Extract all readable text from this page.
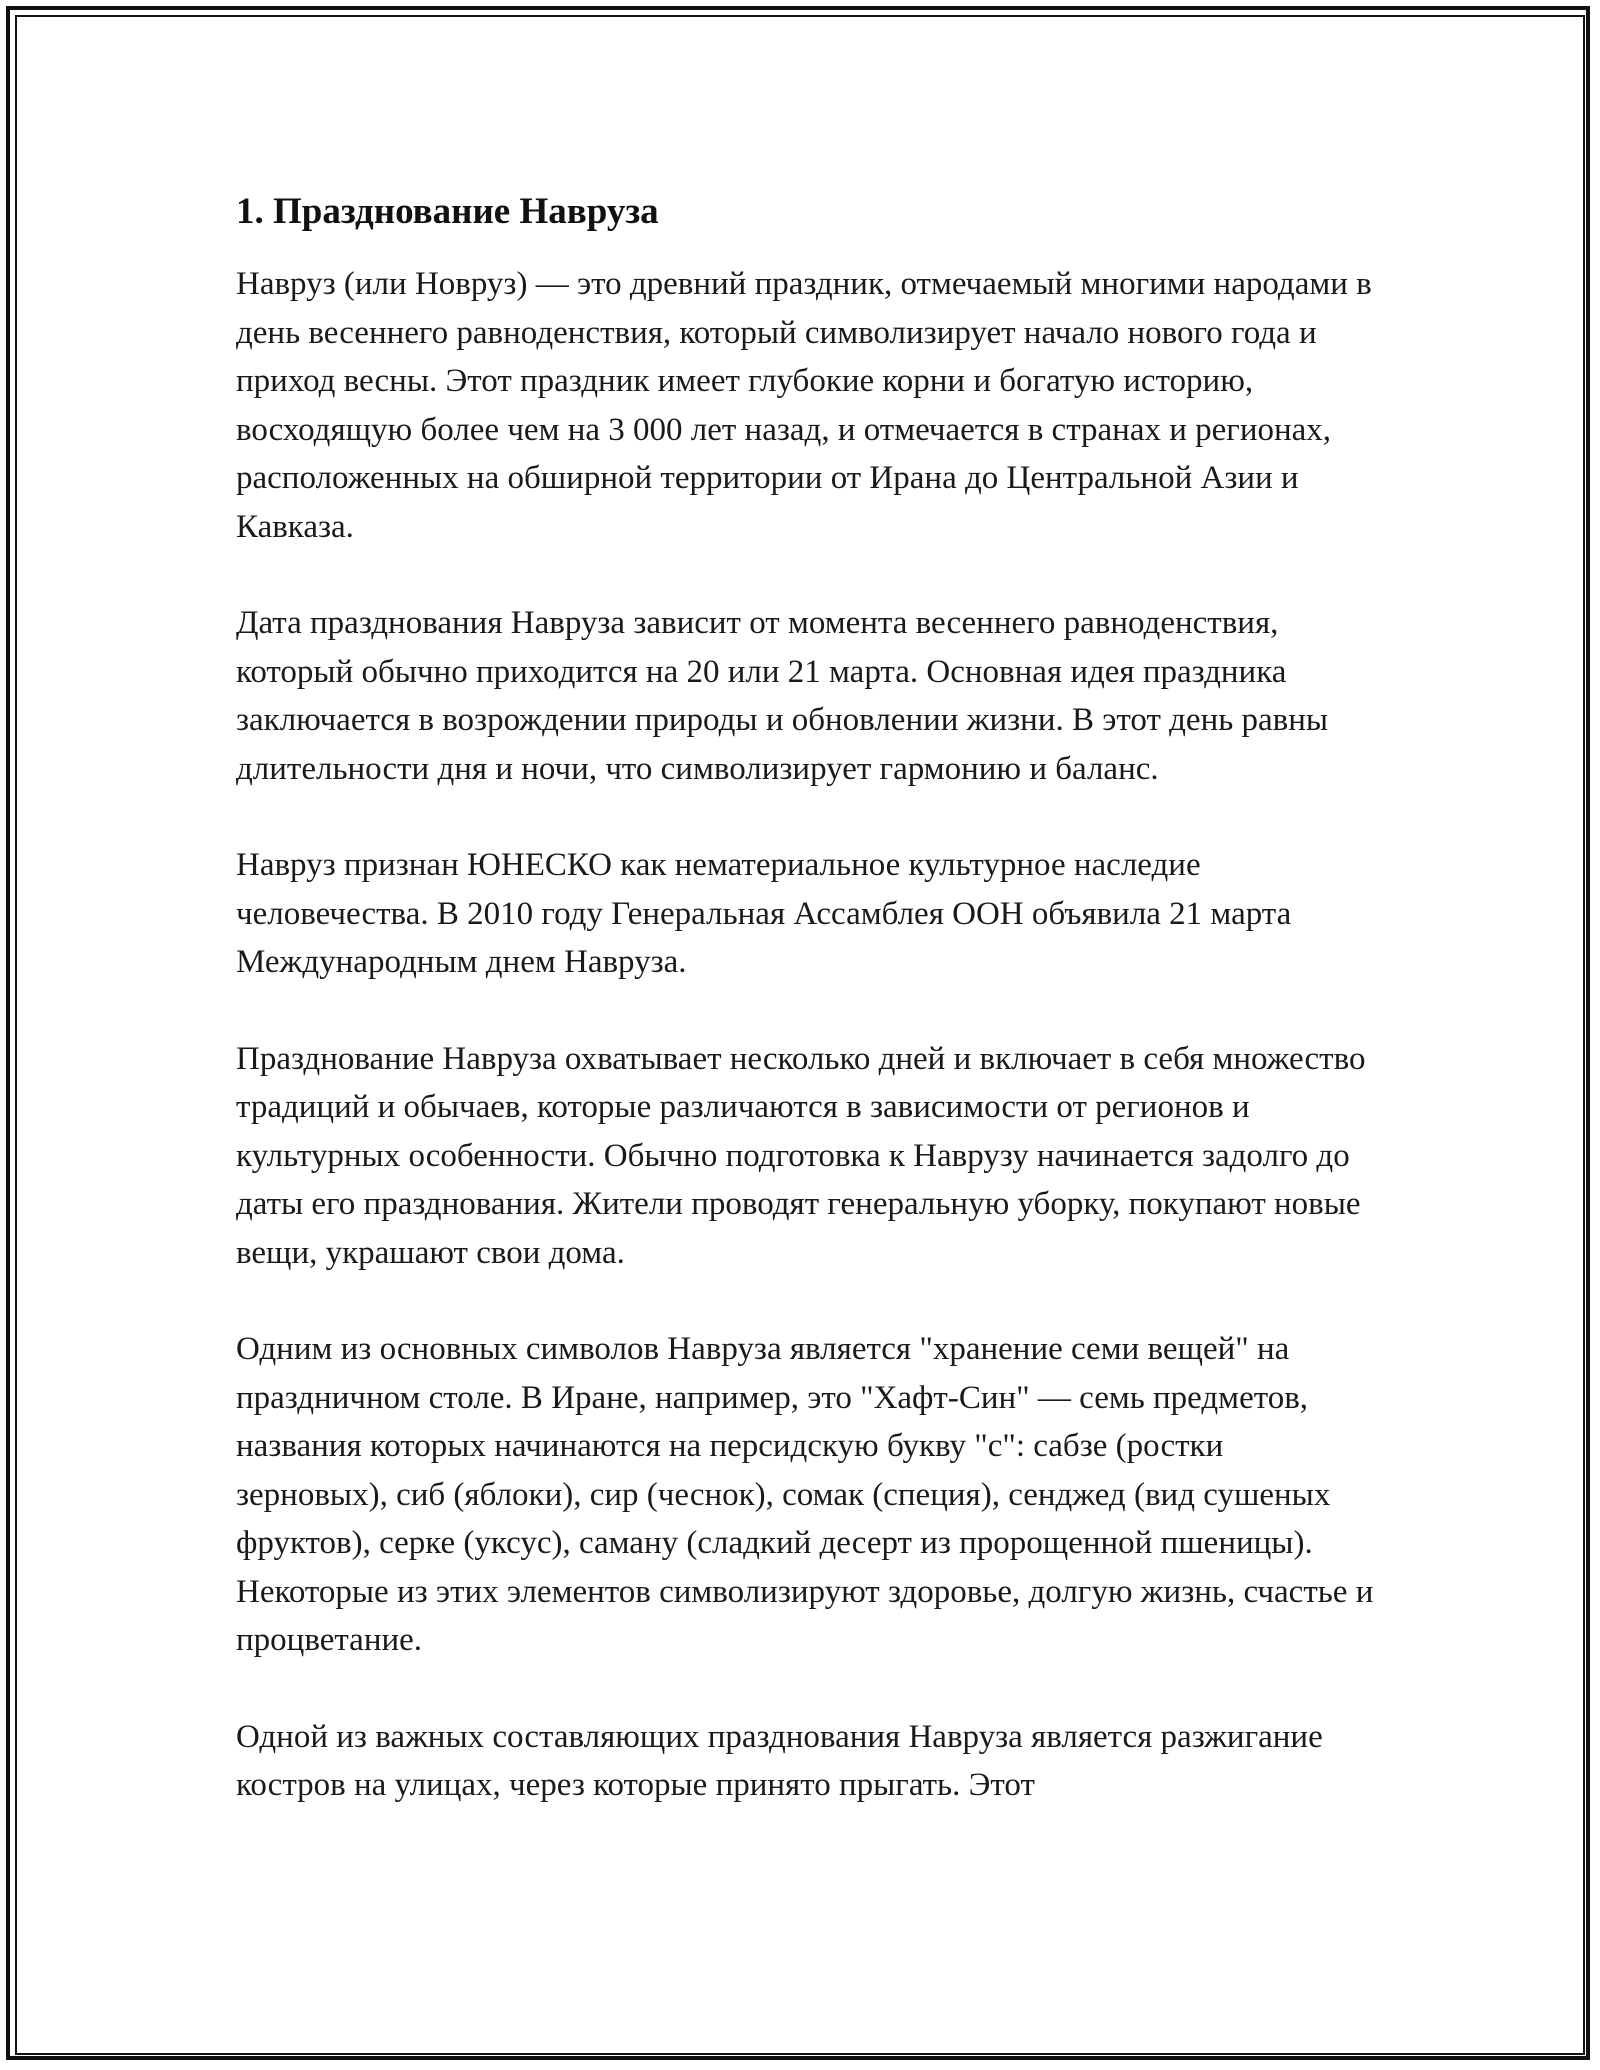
1. Празднование Навруза

Навруз (или Новруз) — это древний праздник, отмечаемый многими народами в день весеннего равноденствия, который символизирует начало нового года и приход весны. Этот праздник имеет глубокие корни и богатую историю, восходящую более чем на 3 000 лет назад, и отмечается в странах и регионах, расположенных на обширной территории от Ирана до Центральной Азии и Кавказа.

Дата празднования Навруза зависит от момента весеннего равноденствия, который обычно приходится на 20 или 21 марта. Основная идея праздника заключается в возрождении природы и обновлении жизни. В этот день равны длительности дня и ночи, что символизирует гармонию и баланс.

Навруз признан ЮНЕСКО как нематериальное культурное наследие человечества. В 2010 году Генеральная Ассамблея ООН объявила 21 марта Международным днем Навруза.

Празднование Навруза охватывает несколько дней и включает в себя множество традиций и обычаев, которые различаются в зависимости от регионов и культурных особенности. Обычно подготовка к Наврузу начинается задолго до даты его празднования. Жители проводят генеральную уборку, покупают новые вещи, украшают свои дома.

Одним из основных символов Навруза является "хранение семи вещей" на праздничном столе. В Иране, например, это "Хафт-Син" — семь предметов, названия которых начинаются на персидскую букву "с": сабзе (ростки зерновых), сиб (яблоки), сир (чеснок), сомак (специя), сенджед (вид сушеных фруктов), серке (уксус), саману (сладкий десерт из пророщенной пшеницы). Некоторые из этих элементов символизируют здоровье, долгую жизнь, счастье и процветание.

Одной из важных составляющих празднования Навруза является разжигание костров на улицах, через которые принято прыгать. Этот
